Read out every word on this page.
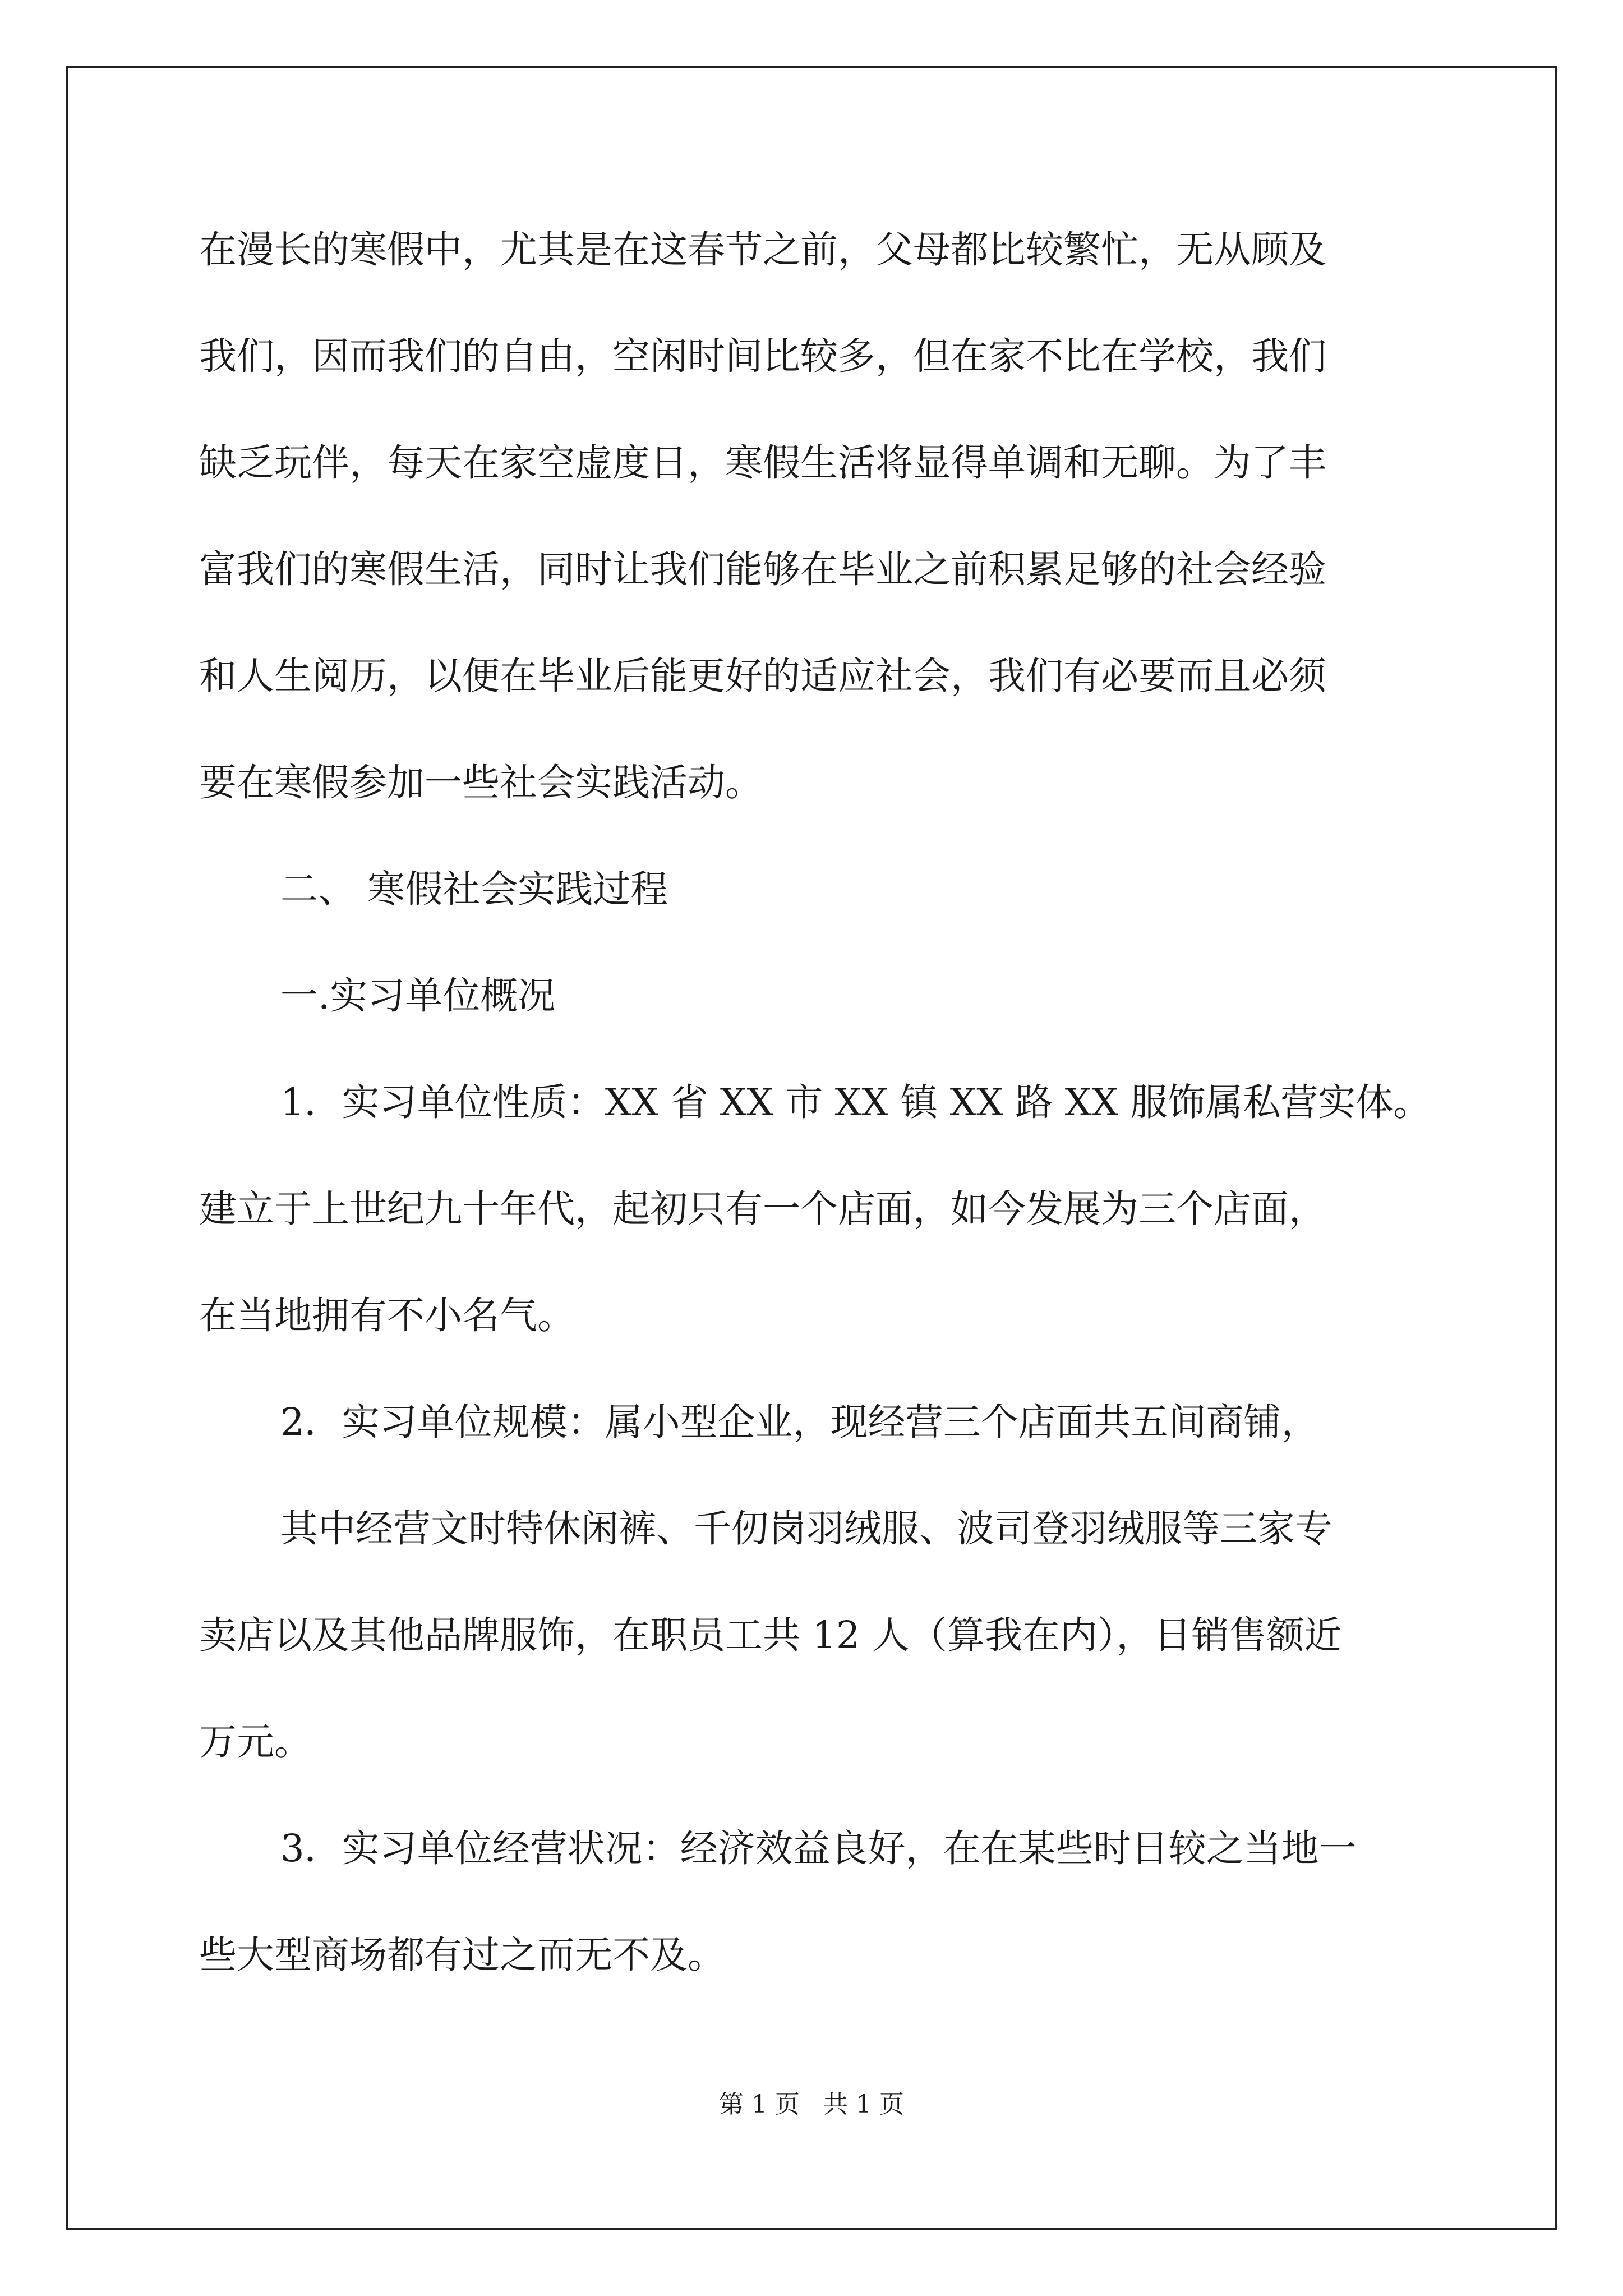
在漫长的寒假中，尤其是在这春节之前，父母都比较繁忙，无从顾及
我们，因而我们的自由，空闲时间比较多，但在家不比在学校，我们
缺乏玩伴，每天在家空虚度日，寒假生活将显得单调和无聊。为了丰
富我们的寒假生活，同时让我们能够在毕业之前积累足够的社会经验
和人生阅历，以便在毕业后能更好的适应社会，我们有必要而且必须
要在寒假参加一些社会实践活动。
二、 寒假社会实践过程
一.实习单位概况
1．实习单位性质：XX 省 XX 市 XX 镇 XX 路 XX 服饰属私营实体。
建立于上世纪九十年代，起初只有一个店面，如今发展为三个店面，
在当地拥有不小名气。
2．实习单位规模：属小型企业，现经营三个店面共五间商铺，
其中经营文时特休闲裤、千仞岗羽绒服、波司登羽绒服等三家专
卖店以及其他品牌服饰，在职员工共 12 人（算我在内），日销售额近
万元。
3．实习单位经营状况：经济效益良好，在在某些时日较之当地一
些大型商场都有过之而无不及。
第 1 页   共 1 页
